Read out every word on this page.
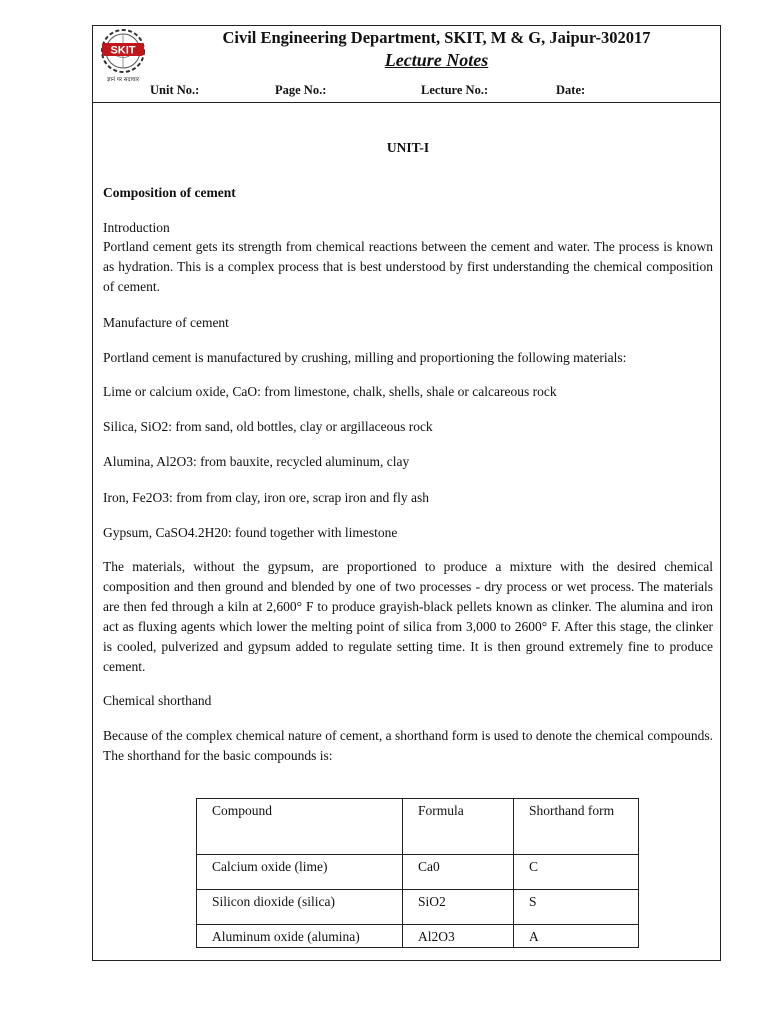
SKIT
ज्ञानं पर सदाचार
Civil Engineering Department, SKIT, M & G, Jaipur-302017
Lecture Notes
Unit No.:	Page No.:	Lecture No.:	Date:
UNIT-I

Composition of cement

Introduction

Portland cement gets its strength from chemical reactions between the cement and water. The process is known as hydration. This is a complex process that is best understood by first understanding the chemical composition of cement.

Manufacture of cement

Portland cement is manufactured by crushing, milling and proportioning the following materials:

Lime or calcium oxide, CaO: from limestone, chalk, shells, shale or calcareous rock

Silica, SiO2: from sand, old bottles, clay or argillaceous rock

Alumina, Al2O3: from bauxite, recycled aluminum, clay

Iron, Fe2O3: from from clay, iron ore, scrap iron and fly ash

Gypsum, CaSO4.2H20: found together with limestone

The materials, without the gypsum, are proportioned to produce a mixture with the desired chemical composition and then ground and blended by one of two processes - dry process or wet process. The materials are then fed through a kiln at 2,600° F to produce grayish-black pellets known as clinker. The alumina and iron act as fluxing agents which lower the melting point of silica from 3,000 to 2600° F. After this stage, the clinker is cooled, pulverized and gypsum added to regulate setting time. It is then ground extremely fine to produce cement.

Chemical shorthand

Because of the complex chemical nature of cement, a shorthand form is used to denote the chemical compounds. The shorthand for the basic compounds is:

Compound	Formula	Shorthand form
Calcium oxide (lime)	Ca0	C
Silicon dioxide (silica)	SiO2	S
Aluminum oxide (alumina)	Al2O3	A
